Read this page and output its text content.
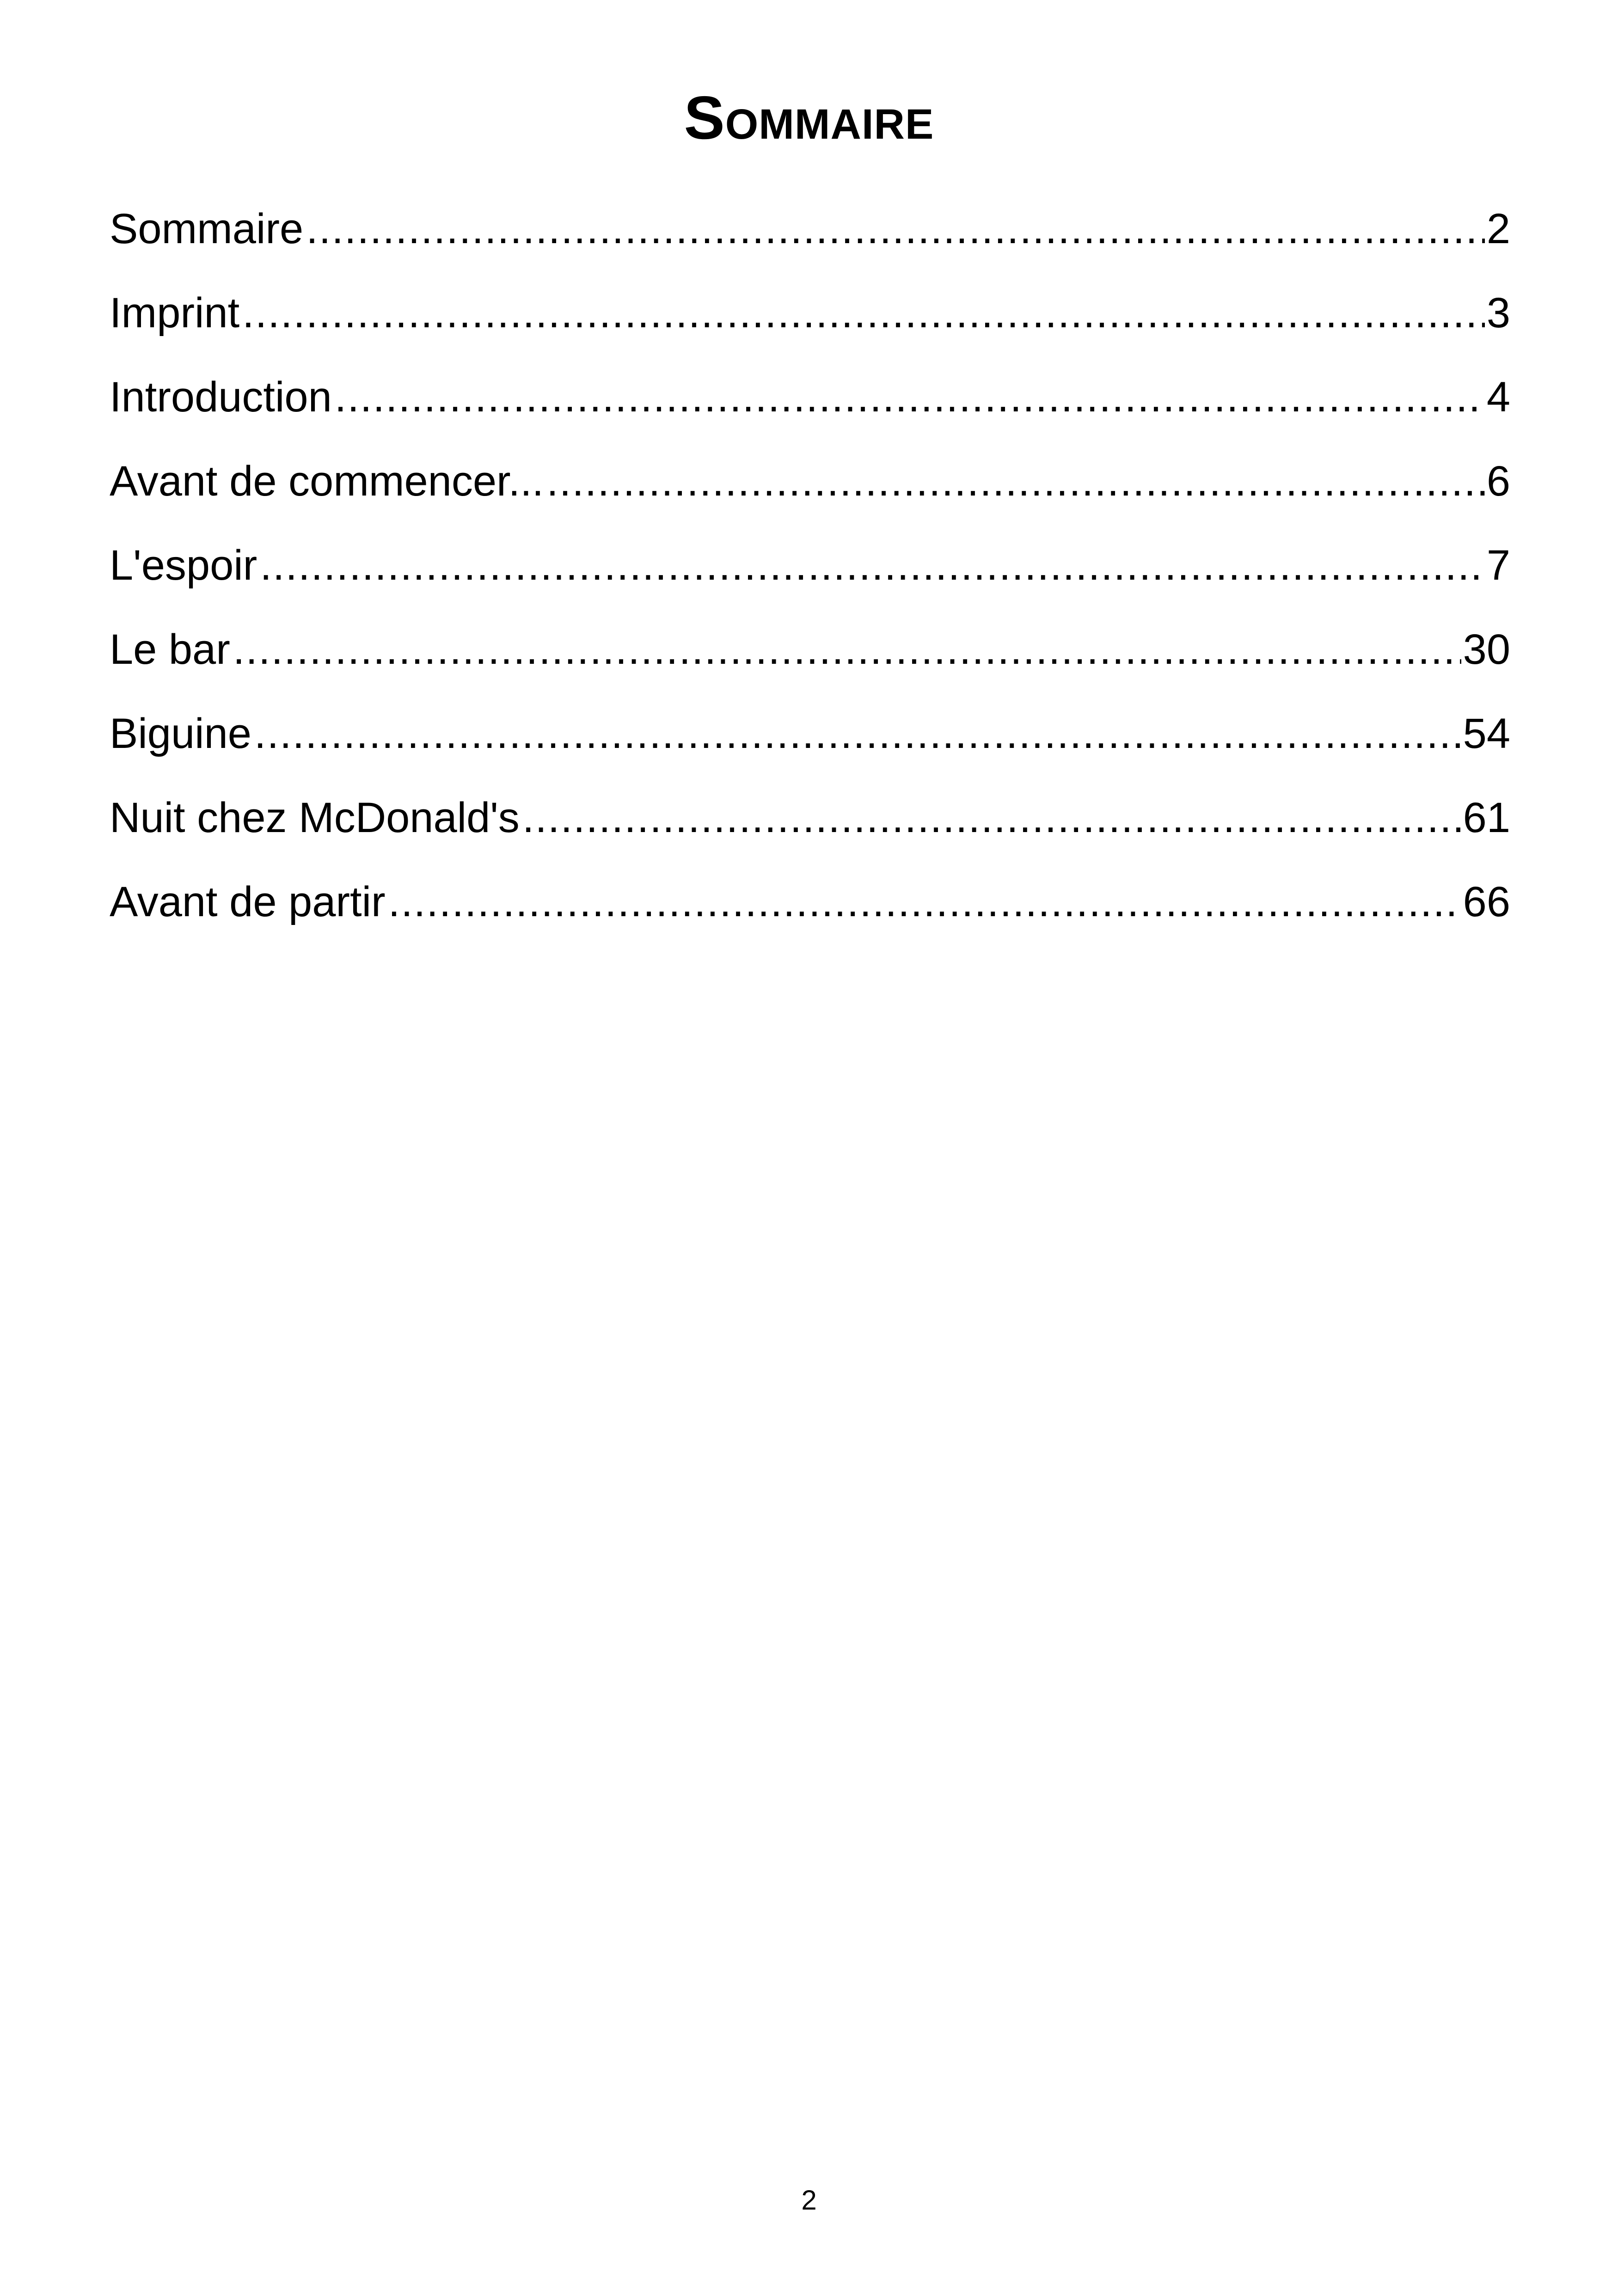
Sommaire
Sommaire .....	2
Imprint .....	3
Introduction .....	4
Avant de commencer... .....	6
L'espoir .....	7
Le bar .....	30
Biguine .....	54
Nuit chez McDonald's .....	61
Avant de partir .....	66
2
